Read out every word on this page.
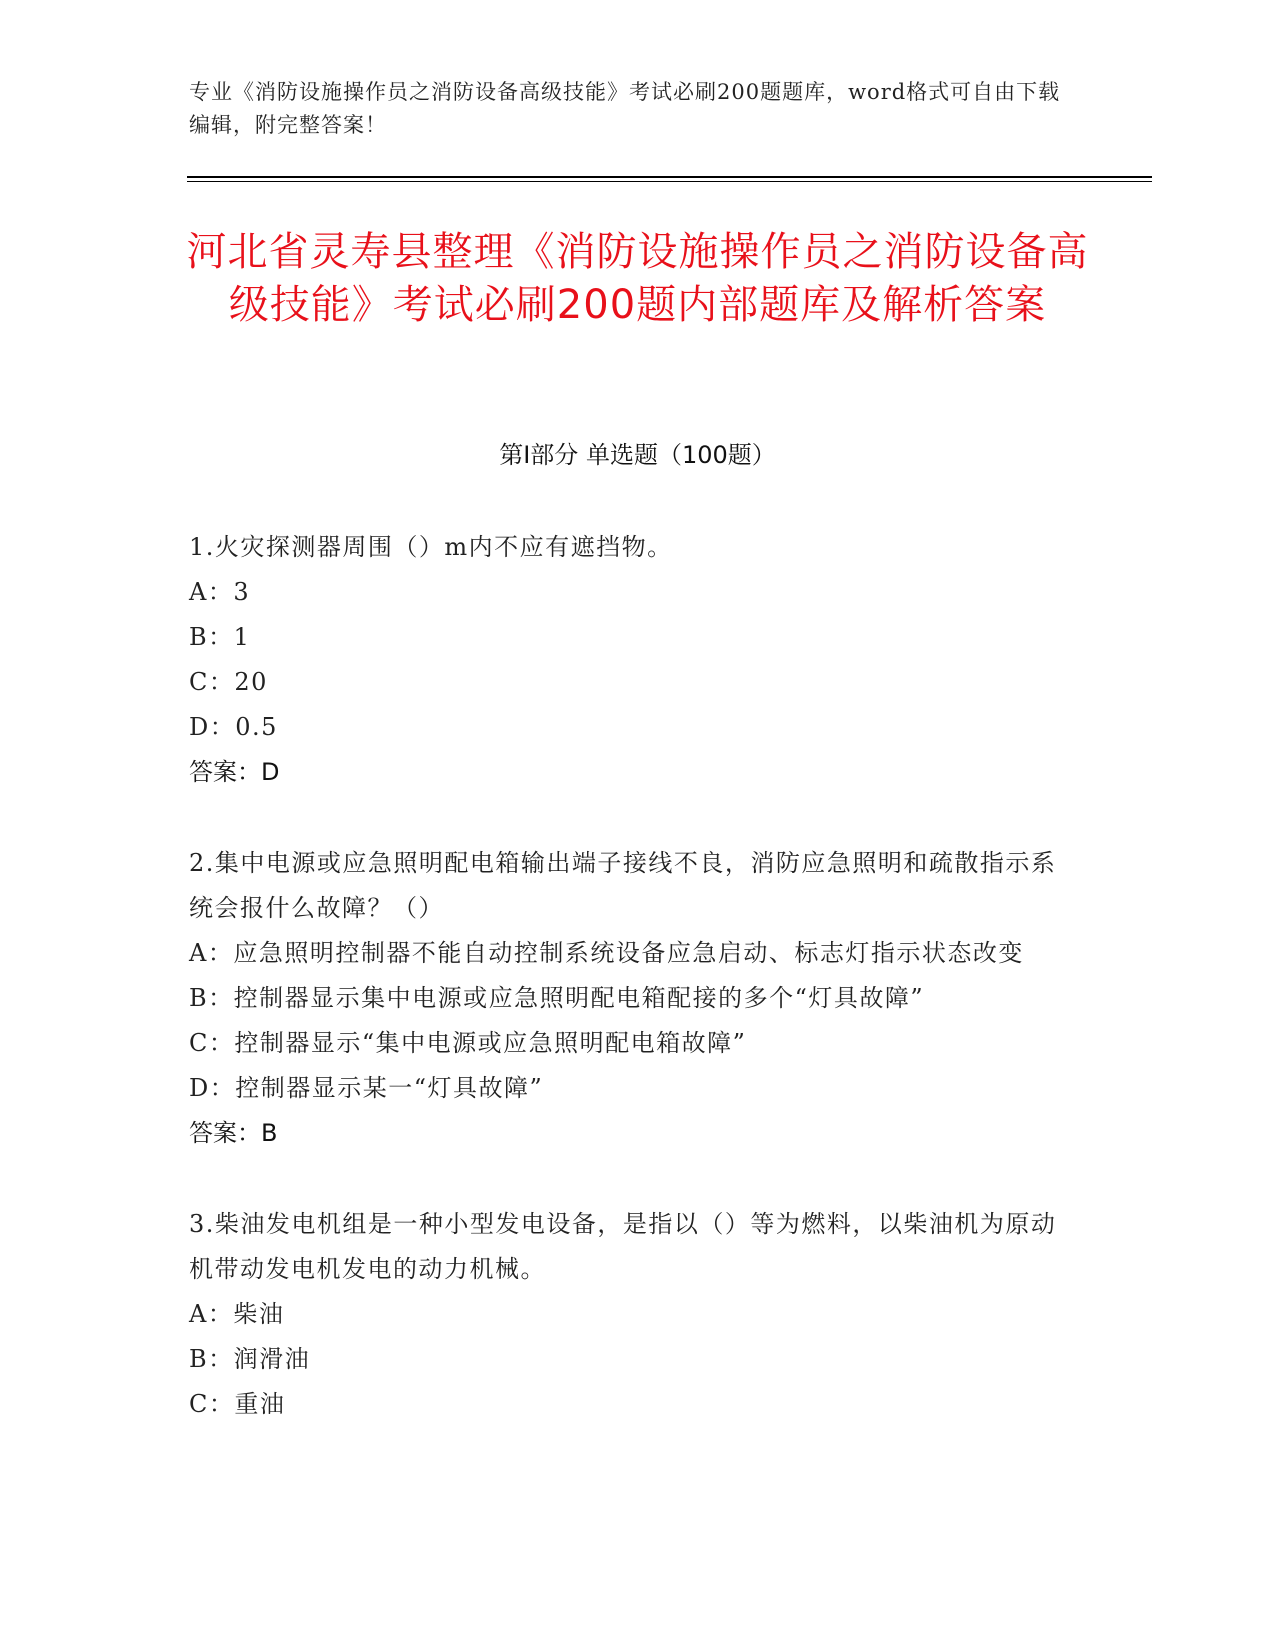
专业《消防设施操作员之消防设备高级技能》考试必刷200题题库，word格式可自由下载编辑，附完整答案！
河北省灵寿县整理《消防设施操作员之消防设备高级技能》考试必刷200题内部题库及解析答案
第I部分 单选题（100题）
1.火灾探测器周围（）m内不应有遮挡物。
A：3
B：1
C：20
D：0.5
答案：D
2.集中电源或应急照明配电箱输出端子接线不良，消防应急照明和疏散指示系统会报什么故障？（）
A：应急照明控制器不能自动控制系统设备应急启动、标志灯指示状态改变
B：控制器显示集中电源或应急照明配电箱配接的多个“灯具故障”
C：控制器显示“集中电源或应急照明配电箱故障”
D：控制器显示某一“灯具故障”
答案：B
3.柴油发电机组是一种小型发电设备，是指以（）等为燃料，以柴油机为原动机带动发电机发电的动力机械。
A：柴油
B：润滑油
C：重油
